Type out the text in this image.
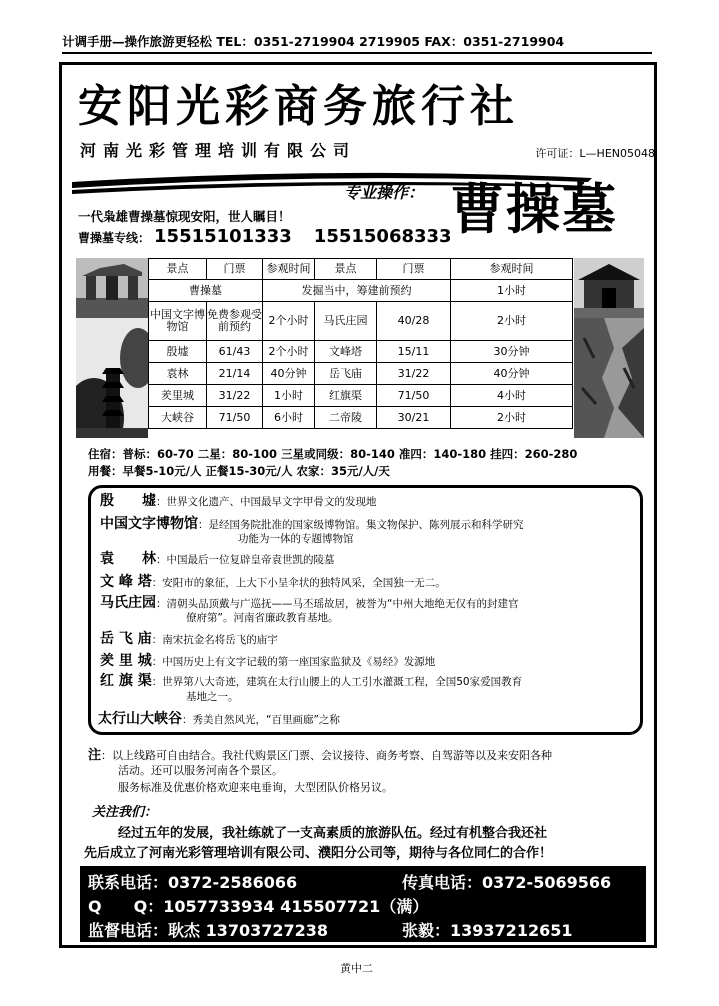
计调手册—操作旅游更轻松 TEL：0351-2719904 2719905 FAX：0351-2719904
安阳光彩商务旅行社
河南光彩管理培训有限公司	许可证：L—HEN05048
专业操作： 曹操墓
一代枭雄曹操墓惊现安阳，世人瞩目！
曹操墓专线： 15515101333 15515068333
景点	门票	参观时间	景点	门票	参观时间
曹操墓		发掘当中，筹建前预约			1小时
中国文字博物馆	免费参观受前预约	2个小时	马氏庄园	40/28	2小时
殷墟	61/43	2个小时	文峰塔	15/11	30分钟
袁林	21/14	40分钟	岳飞庙	31/22	40分钟
羑里城	31/22	1小时	红旗渠	71/50	4小时
大峡谷	71/50	6小时	二帝陵	30/21	2小时
住宿：普标：60-70 二星：80-100 三星或同级：80-140 准四：140-180 挂四：260-280
用餐：早餐5-10元/人 正餐15-30元/人 农家：35元/人/天
殷　　墟：世界文化遗产、中国最早文字甲骨文的发现地
中国文字博物馆：是经国务院批准的国家级博物馆。集文物保护、陈列展示和科学研究
功能为一体的专题博物馆
袁　　林：中国最后一位复辟皇帝袁世凯的陵墓
文 峰 塔：安阳市的象征，上大下小呈伞状的独特风采，全国独一无二。
马氏庄园：清朝头品顶戴与广巡抚——马丕瑶故居，被誉为“中州大地绝无仅有的封建官
僚府第”。河南省廉政教育基地。
岳 飞 庙：南宋抗金名将岳飞的庙宇
羑 里 城：中国历史上有文字记载的第一座国家监狱及《易经》发源地
红 旗 渠：世界第八大奇迹，建筑在太行山腰上的人工引水灌溉工程，全国50家爱国教育
基地之一。
太行山大峡谷：秀美自然风光，“百里画廊”之称
注：以上线路可自由结合。我社代购景区门票、会议接待、商务考察、自驾游等以及来安阳各种
活动。还可以服务河南各个景区。
服务标准及优惠价格欢迎来电垂询，大型团队价格另议。
关注我们：
经过五年的发展，我社练就了一支高素质的旅游队伍。经过有机整合我还社
先后成立了河南光彩管理培训有限公司、濮阳分公司等，期待与各位同仁的合作！
联系电话：0372-2586066	传真电话：0372-5069566
Q　　Q：1057733934 415507721（满）
监督电话：耿杰 13703727238	张毅：13937212651
黄中二
